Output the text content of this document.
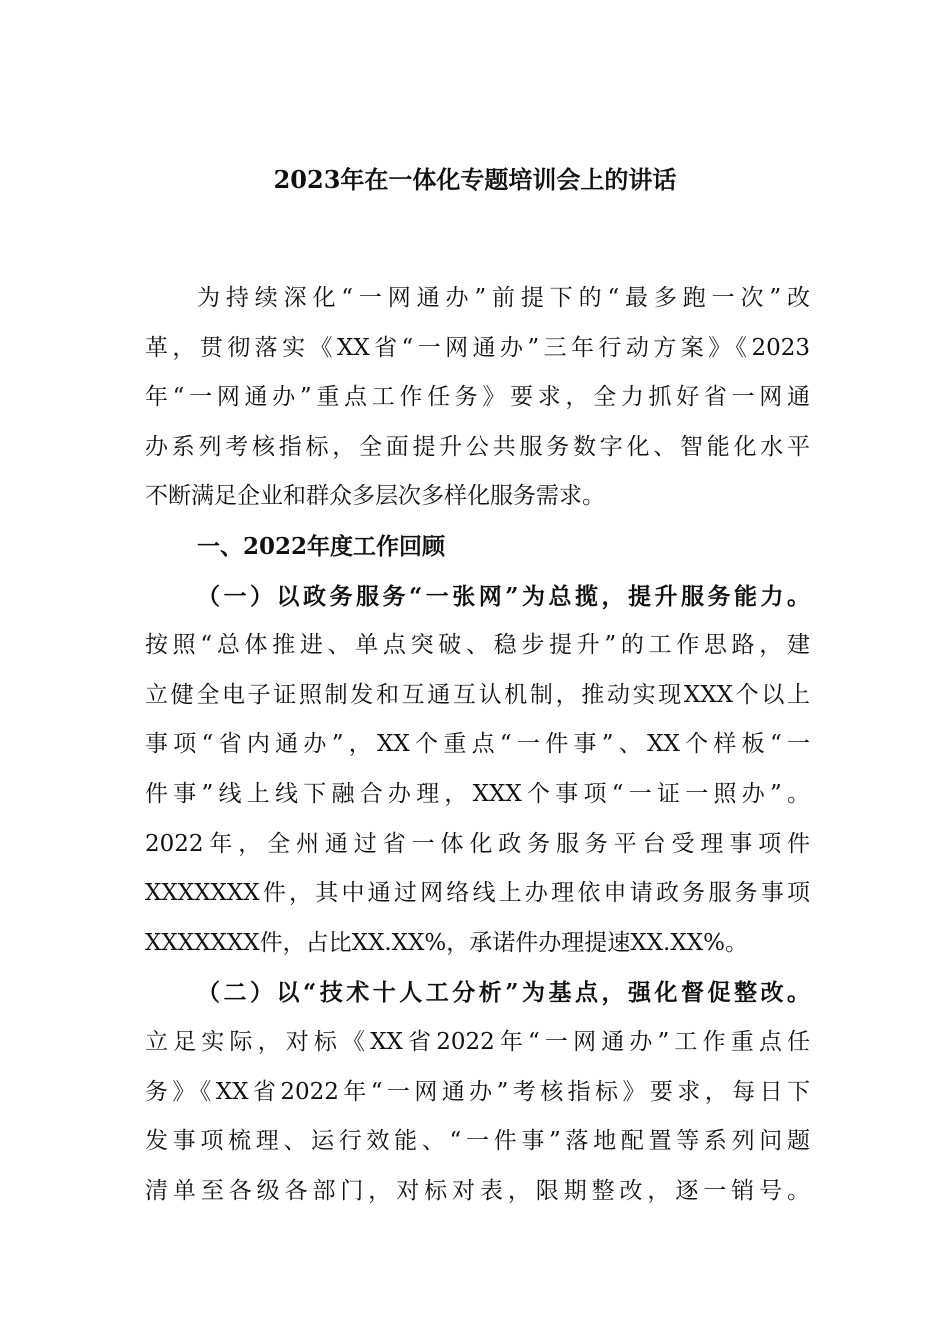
2023年在一体化专题培训会上的讲话
为持续深化“一网通办”前提下的“最多跑一次”改
革，贯彻落实《XX省“一网通办”三年行动方案》《2023
年“一网通办”重点工作任务》要求，全力抓好省一网通
办系列考核指标，全面提升公共服务数字化、智能化水平
不断满足企业和群众多层次多样化服务需求。
一、2022年度工作回顾
（一）以政务服务“一张网”为总揽，提升服务能力。
按照“总体推进、单点突破、稳步提升”的工作思路，建
立健全电子证照制发和互通互认机制，推动实现XXX个以上
事项“省内通办”，XX个重点“一件事”、XX个样板“一
件事”线上线下融合办理，XXX个事项“一证一照办”。
2022年，全州通过省一体化政务服务平台受理事项件
XXXXXXX件，其中通过网络线上办理依申请政务服务事项
XXXXXXX件，占比XX.XX%，承诺件办理提速XX.XX%。
（二）以“技术十人工分析”为基点，强化督促整改。
立足实际，对标《XX省2022年“一网通办”工作重点任
务》《XX省2022年“一网通办”考核指标》要求，每日下
发事项梳理、运行效能、“一件事”落地配置等系列问题
清单至各级各部门，对标对表，限期整改，逐一销号。
